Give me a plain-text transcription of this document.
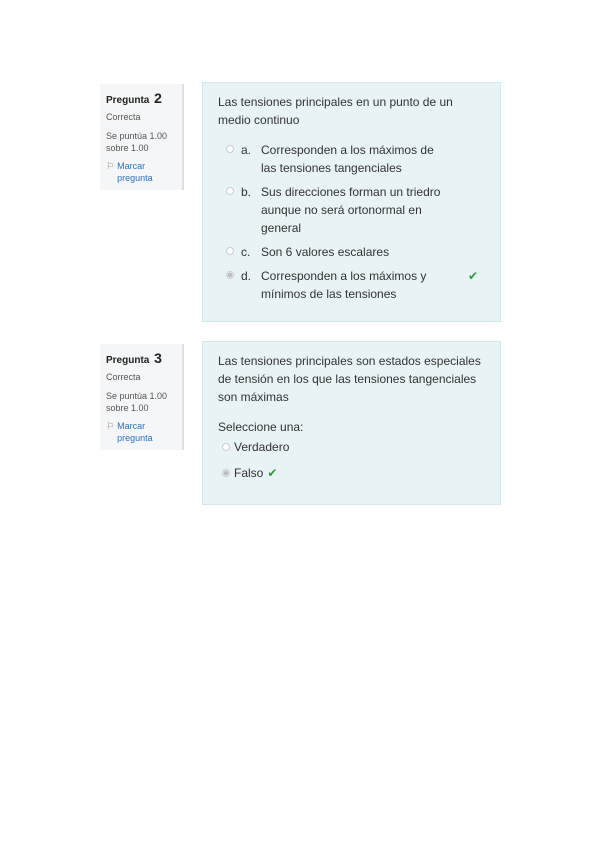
Pregunta 2
Correcta
Se puntúa 1.00
sobre 1.00
⚐ Marcar
pregunta

Las tensiones principales en un punto de un medio continuo

a. Corresponden a los máximos de las tensiones tangenciales
b. Sus direcciones forman un triedro aunque no será ortonormal en general
c. Son 6 valores escalares
d. Corresponden a los máximos y mínimos de las tensiones
✔
Pregunta 3
Correcta
Se puntúa 1.00
sobre 1.00
⚐ Marcar
pregunta

Las tensiones principales son estados especiales de tensión en los que las tensiones tangenciales son máximas

Seleccione una:
Verdadero
Falso ✔
